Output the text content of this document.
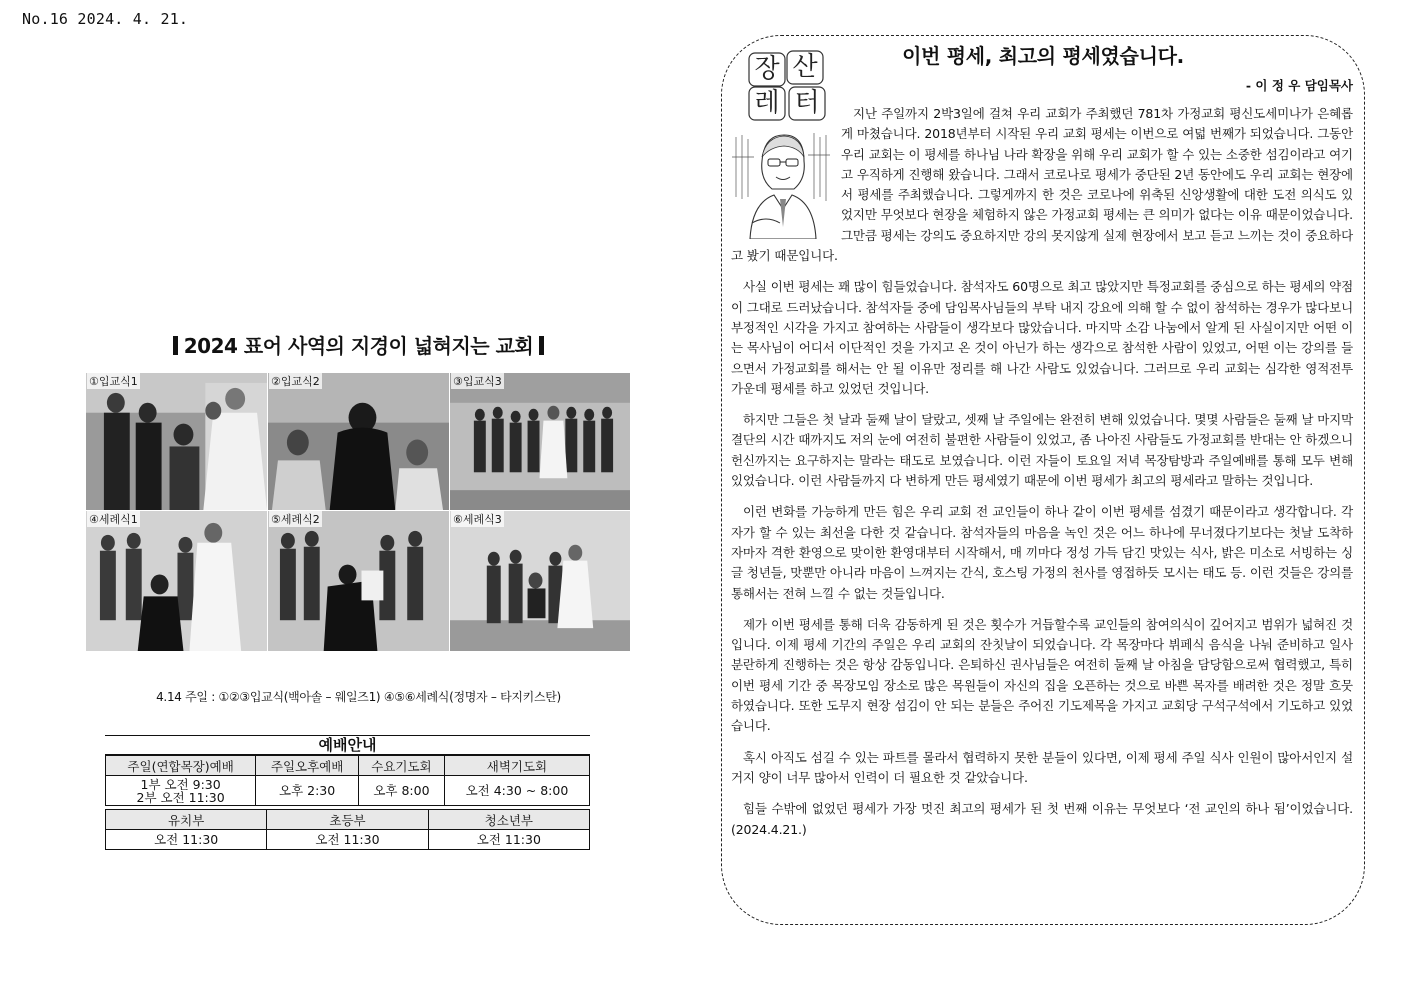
No.16 2024. 4. 21.
2024 표어 사역의 지경이 넓혀지는 교회
①입교식1	②입교식2	③입교식3
④세례식1	⑤세례식2	⑥세례식3
4.14 주일 : ①②③입교식(백아솔 – 웨일즈1) ④⑤⑥세례식(정명자 – 타지키스탄)
예배안내
주일(연합목장)예배	주일오후예배	수요기도회	새벽기도회

1부 오전 9:30
2부 오전 11:30	오후 2:30	오후 8:00	오전 4:30 ~ 8:00
유치부	초등부	청소년부
오전 11:30	오전 11:30	오전 11:30
이번 평세, 최고의 평세였습니다.
- 이 정 우 담임목사
장 산
레 터	지난 주일까지 2박3일에 걸쳐 우리 교회가 주최했던 781차 가정교회 평신도세미나가 은혜롭게 마쳤습니다. 2018년부터 시작된 우리 교회 평세는 이번으로 여덟 번째가 되었습니다. 그동안 우리 교회는 이 평세를 하나님 나라 확장을 위해 우리 교회가 할 수 있는 소중한 섬김이라고 여기고 우직하게 진행해 왔습니다. 그래서 코로나로 평세가 중단된 2년 동안에도 우리 교회는 현장에서 평세를 주최했습니다. 그렇게까지 한 것은 코로나에 위축된 신앙생활에 대한 도전 의식도 있었지만 무엇보다 현장을 체험하지 않은 가정교회 평세는 큰 의미가 없다는 이유 때문이었습니다. 그만큼 평세는 강의도 중요하지만 강의 못지않게 실제 현장에서 보고 듣고 느끼는 것이 중요하다고 봤기 때문입니다.

사실 이번 평세는 꽤 많이 힘들었습니다. 참석자도 60명으로 최고 많았지만 특정교회를 중심으로 하는 평세의 약점이 그대로 드러났습니다. 참석자들 중에 담임목사님들의 부탁 내지 강요에 의해 할 수 없이 참석하는 경우가 많다보니 부정적인 시각을 가지고 참여하는 사람들이 생각보다 많았습니다. 마지막 소감 나눔에서 알게 된 사실이지만 어떤 이는 목사님이 어디서 이단적인 것을 가지고 온 것이 아닌가 하는 생각으로 참석한 사람이 있었고, 어떤 이는 강의를 들으면서 가정교회를 해서는 안 될 이유만 정리를 해 나간 사람도 있었습니다. 그러므로 우리 교회는 심각한 영적전투 가운데 평세를 하고 있었던 것입니다.

하지만 그들은 첫 날과 둘째 날이 달랐고, 셋째 날 주일에는 완전히 변해 있었습니다. 몇몇 사람들은 둘째 날 마지막 결단의 시간 때까지도 저의 눈에 여전히 불편한 사람들이 있었고, 좀 나아진 사람들도 가정교회를 반대는 안 하겠으니 헌신까지는 요구하지는 말라는 태도로 보였습니다. 이런 자들이 토요일 저녁 목장탐방과 주일예배를 통해 모두 변해 있었습니다. 이런 사람들까지 다 변하게 만든 평세였기 때문에 이번 평세가 최고의 평세라고 말하는 것입니다.

이런 변화를 가능하게 만든 힘은 우리 교회 전 교인들이 하나 같이 이번 평세를 섬겼기 때문이라고 생각합니다. 각자가 할 수 있는 최선을 다한 것 같습니다. 참석자들의 마음을 녹인 것은 어느 하나에 무너졌다기보다는 첫날 도착하자마자 격한 환영으로 맞이한 환영대부터 시작해서, 매 끼마다 정성 가득 담긴 맛있는 식사, 밝은 미소로 서빙하는 싱글 청년들, 맛뿐만 아니라 마음이 느껴지는 간식, 호스팅 가정의 천사를 영접하듯 모시는 태도 등. 이런 것들은 강의를 통해서는 전혀 느낄 수 없는 것들입니다.

제가 이번 평세를 통해 더욱 감동하게 된 것은 횟수가 거듭할수록 교인들의 참여의식이 깊어지고 범위가 넓혀진 것입니다. 이제 평세 기간의 주일은 우리 교회의 잔칫날이 되었습니다. 각 목장마다 뷔페식 음식을 나눠 준비하고 일사분란하게 진행하는 것은 항상 감동입니다. 은퇴하신 권사님들은 여전히 둘째 날 아침을 담당함으로써 협력했고, 특히 이번 평세 기간 중 목장모임 장소로 많은 목원들이 자신의 집을 오픈하는 것으로 바쁜 목자를 배려한 것은 정말 흐뭇하였습니다. 또한 도무지 현장 섬김이 안 되는 분들은 주어진 기도제목을 가지고 교회당 구석구석에서 기도하고 있었습니다.

혹시 아직도 섬길 수 있는 파트를 몰라서 협력하지 못한 분들이 있다면, 이제 평세 주일 식사 인원이 많아서인지 설거지 양이 너무 많아서 인력이 더 필요한 것 같았습니다.

힘들 수밖에 없었던 평세가 가장 멋진 최고의 평세가 된 첫 번째 이유는 무엇보다 ‘전 교인의 하나 됨’이었습니다.(2024.4.21.)
